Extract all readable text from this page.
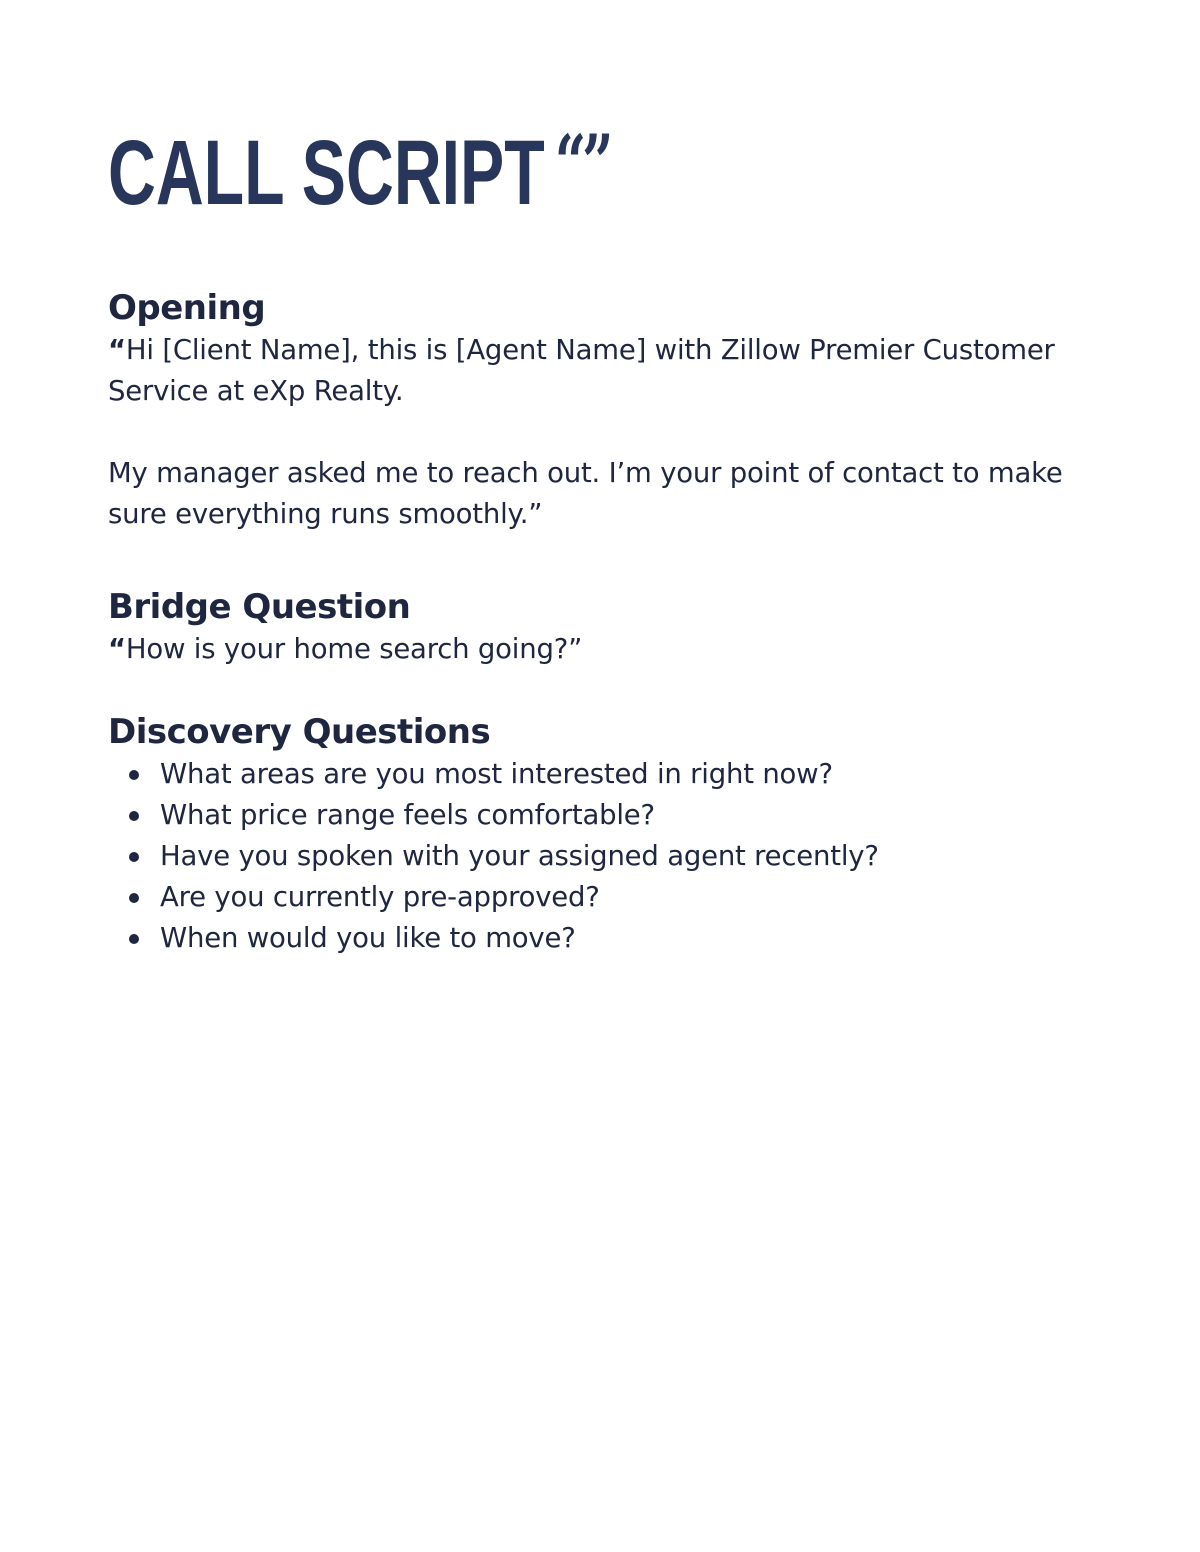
CALL SCRIPT “”
Opening

“Hi [Client Name], this is [Agent Name] with Zillow Premier Customer Service at eXp Realty.

My manager asked me to reach out. I’m your point of contact to make sure everything runs smoothly.”

Bridge Question

“How is your home search going?”

Discovery Questions
What areas are you most interested in right now?
What price range feels comfortable?
Have you spoken with your assigned agent recently?
Are you currently pre-approved?
When would you like to move?
